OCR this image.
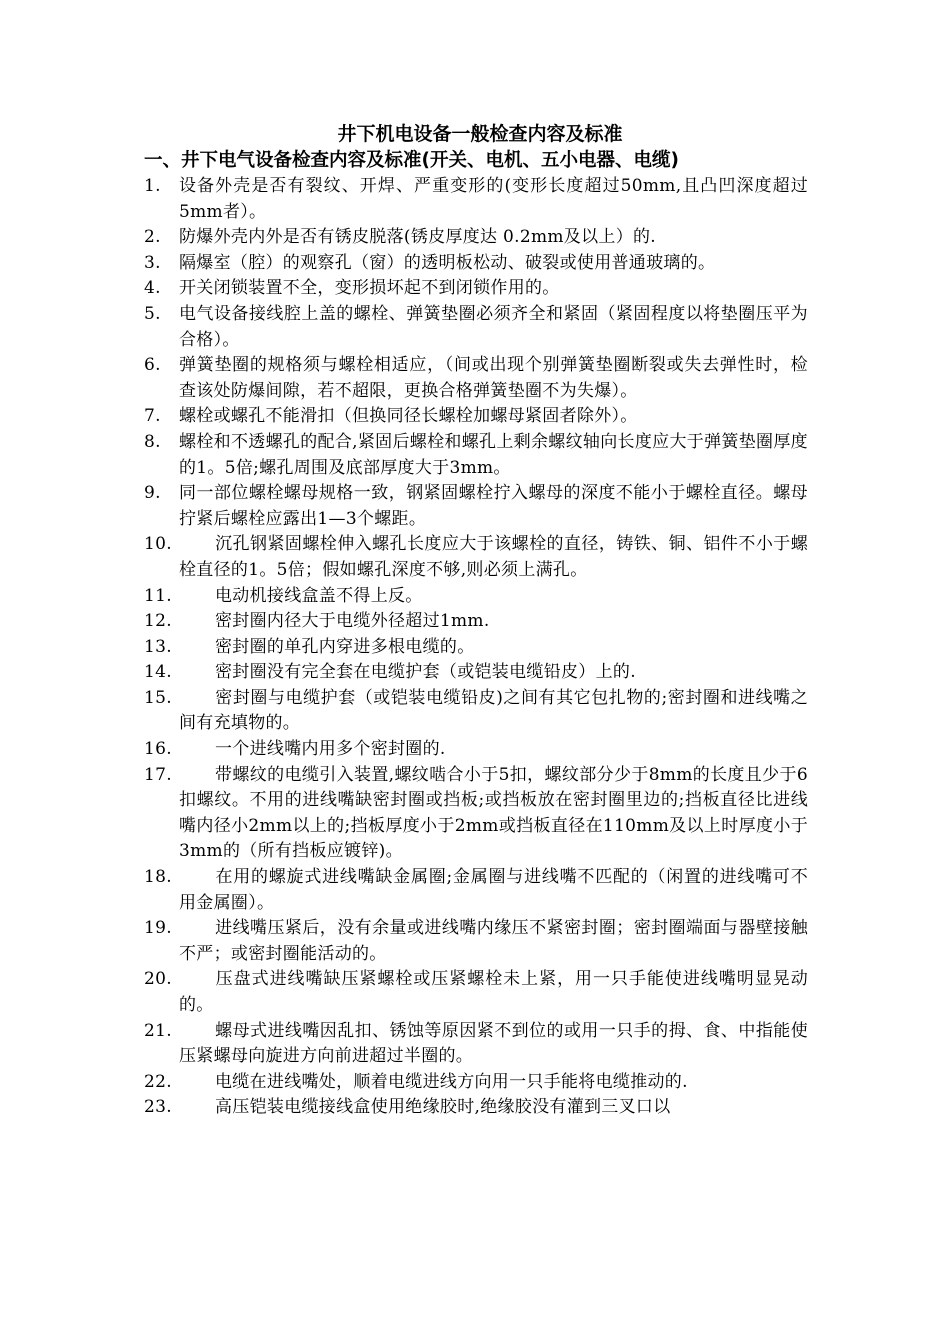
井下机电设备一般检查内容及标准
一、井下电气设备检查内容及标准(开关、电机、五小电器、电缆)
1.	设备外壳是否有裂纹、开焊、严重变形的(变形长度超过50mm,且凸凹深度超过5mm者）。
2.	防爆外壳内外是否有锈皮脱落(锈皮厚度达 0.2mm及以上）的.
3.	隔爆室（腔）的观察孔（窗）的透明板松动、破裂或使用普通玻璃的。
4.	开关闭锁装置不全，变形损坏起不到闭锁作用的。
5.	电气设备接线腔上盖的螺栓、弹簧垫圈必须齐全和紧固（紧固程度以将垫圈压平为合格）。
6.	弹簧垫圈的规格须与螺栓相适应，（间或出现个别弹簧垫圈断裂或失去弹性时，检查该处防爆间隙，若不超限，更换合格弹簧垫圈不为失爆）。
7.	螺栓或螺孔不能滑扣（但换同径长螺栓加螺母紧固者除外）。
8.	螺栓和不透螺孔的配合,紧固后螺栓和螺孔上剩余螺纹轴向长度应大于弹簧垫圈厚度的1。5倍;螺孔周围及底部厚度大于3mm。
9.	同一部位螺栓螺母规格一致，钢紧固螺栓拧入螺母的深度不能小于螺栓直径。螺母拧紧后螺栓应露出1—3个螺距。
10.	沉孔钢紧固螺栓伸入螺孔长度应大于该螺栓的直径，铸铁、铜、铝件不小于螺栓直径的1。5倍；假如螺孔深度不够,则必须上满孔。
11.	电动机接线盒盖不得上反。
12.	密封圈内径大于电缆外径超过1mm.
13.	密封圈的单孔内穿进多根电缆的。
14.	密封圈没有完全套在电缆护套（或铠装电缆铅皮）上的.
15.	密封圈与电缆护套（或铠装电缆铅皮)之间有其它包扎物的;密封圈和进线嘴之间有充填物的。
16.	一个进线嘴内用多个密封圈的.
17.	带螺纹的电缆引入装置,螺纹啮合小于5扣，螺纹部分少于8mm的长度且少于6扣螺纹。不用的进线嘴缺密封圈或挡板;或挡板放在密封圈里边的;挡板直径比进线嘴内径小2mm以上的;挡板厚度小于2mm或挡板直径在110mm及以上时厚度小于3mm的（所有挡板应镀锌)。
18.	在用的螺旋式进线嘴缺金属圈;金属圈与进线嘴不匹配的（闲置的进线嘴可不用金属圈）。
19.	进线嘴压紧后，没有余量或进线嘴内缘压不紧密封圈；密封圈端面与器壁接触不严；或密封圈能活动的。
20.	压盘式进线嘴缺压紧螺栓或压紧螺栓未上紧，用一只手能使进线嘴明显晃动的。
21.	螺母式进线嘴因乱扣、锈蚀等原因紧不到位的或用一只手的拇、食、中指能使压紧螺母向旋进方向前进超过半圈的。
22.	电缆在进线嘴处，顺着电缆进线方向用一只手能将电缆推动的.
23.	高压铠装电缆接线盒使用绝缘胶时,绝缘胶没有灌到三叉口以
